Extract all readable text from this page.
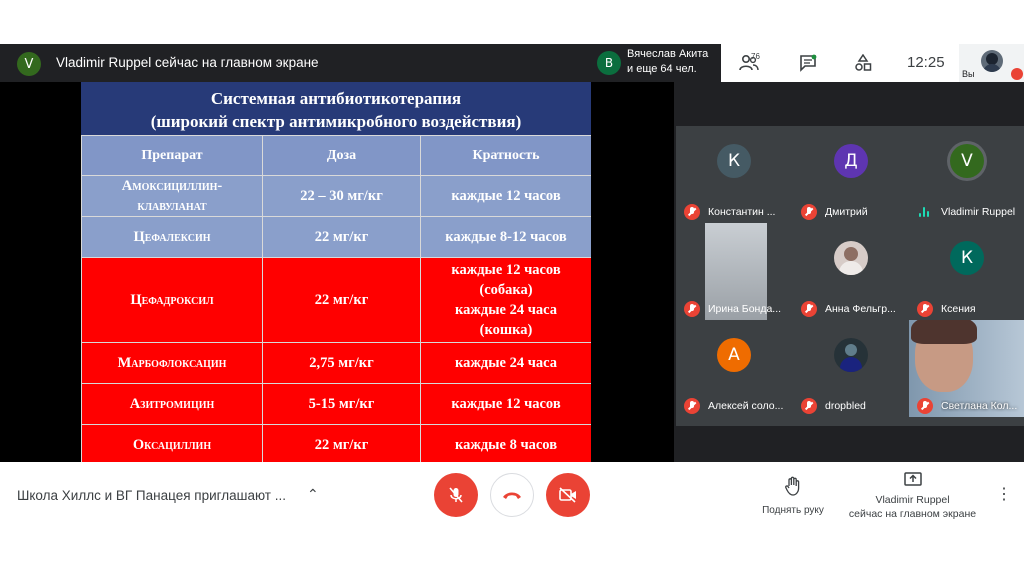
V	Vladimir Ruppel сейчас на главном экране	В
Вячеслав Акита
и еще 64 чел.
76	12:25
Вы
Системная антибиотикотерапия
(широкий спектр антимикробного воздействия)
Препарат	Доза	Кратность
Амоксициллин-
клавуланат	22 – 30 мг/кг	каждые 12 часов
Цефалексин	22 мг/кг	каждые 8-12 часов
Цефадроксил	22 мг/кг	каждые 12 часов
(собака)
каждые 24 часа
(кошка)
Марбофлоксацин	2,75 мг/кг	каждые 24 часа
Азитромицин	5-15 мг/кг	каждые 12 часов
Оксациллин	22 мг/кг	каждые 8 часов
К
Константин ...
Д
Дмитрий
V
Vladimir Ruppel
Ирина Бонда...	Анна Фельгр...
К
Ксения
А
Алексей соло...	dropbled	Светлана Кол...
Школа Хиллс и ВГ Панацея приглашают ... ⌃
Поднять руку
Vladimir Ruppel
сейчас на главном экране
⋮
